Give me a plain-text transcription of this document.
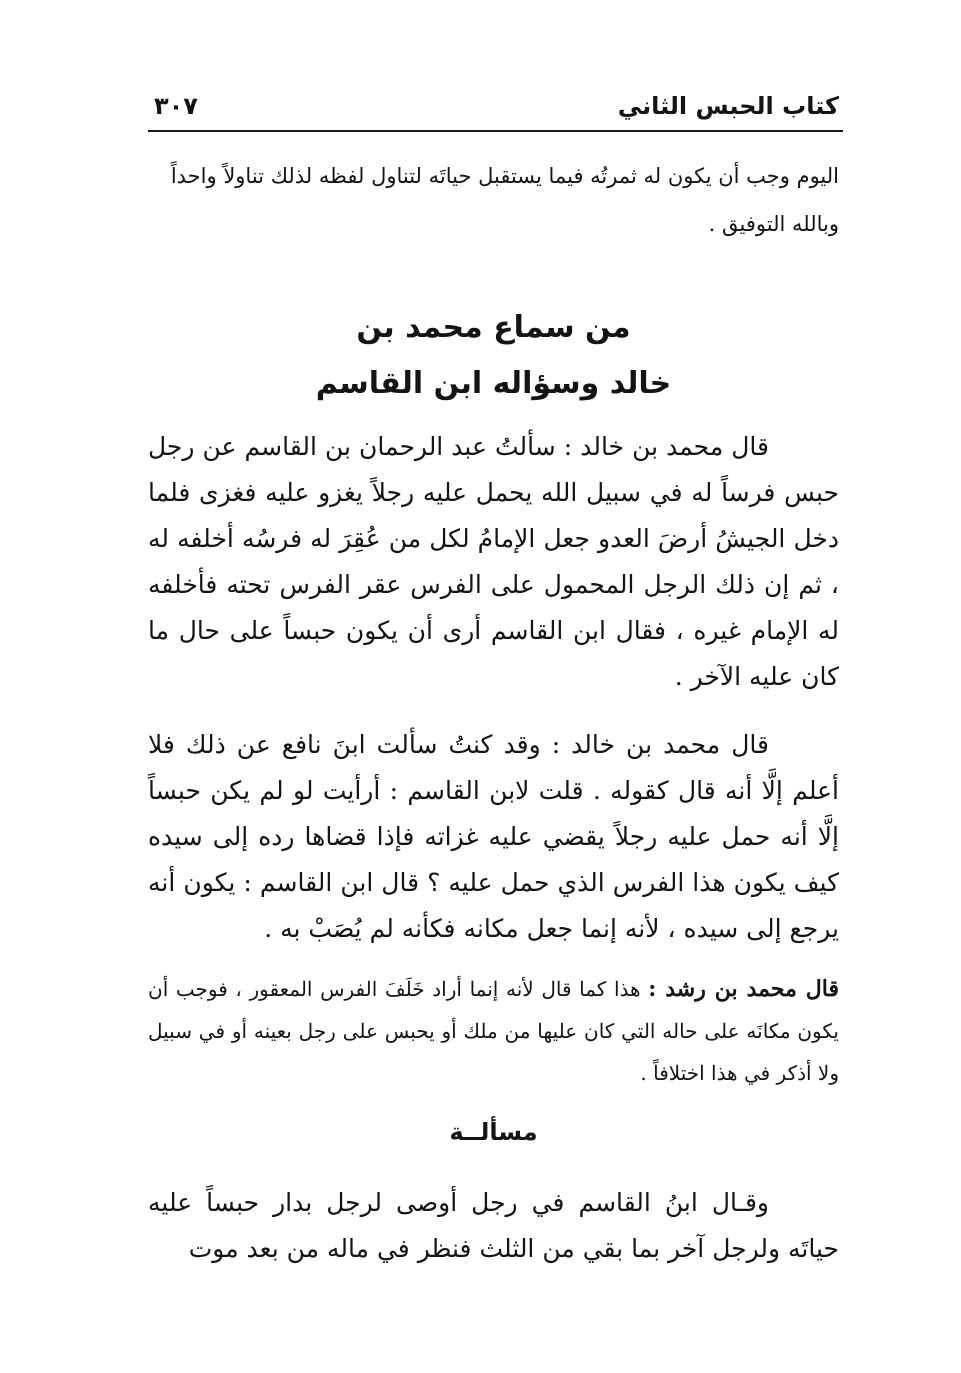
كتاب الحبس الثاني
٣٠٧
اليوم وجب أن يكون له ثمرتُه فيما يستقبل حياتَه لتناول لفظه لذلك تناولاً واحداً
وبالله التوفيق .
من سماع محمد بن
خالد وسؤاله ابن القاسم
قال محمد بن خالد : سألتُ عبد الرحمان بن القاسم عن رجل حبس فرساً له في سبيل الله يحمل عليه رجلاً يغزو عليه فغزى فلما دخل الجيشُ أرضَ العدو جعل الإمامُ لكل من عُقِرَ له فرسُه أخلفه له ، ثم إن ذلك الرجل المحمول على الفرس عقر الفرس تحته فأخلفه له الإمام غيره ، فقال ابن القاسم أرى أن يكون حبساً على حال ما كان عليه الآخر .
قال محمد بن خالد : وقد كنتُ سألت ابنَ نافع عن ذلك فلا أعلم إلَّا أنه قال كقوله . قلت لابن القاسم : أرأيت لو لم يكن حبساً إلَّا أنه حمل عليه رجلاً يقضي عليه غزاته فإذا قضاها رده إلى سيده كيف يكون هذا الفرس الذي حمل عليه ؟ قال ابن القاسم : يكون أنه يرجع إلى سيده ، لأنه إنما جعل مكانه فكأنه لم يُصَبْ به .
قال محمد بن رشد : هذا كما قال لأنه إنما أراد خَلَفَ الفرس المعقور ، فوجب أن يكون مكانَه على حاله التي كان عليها من ملك أو يحبس على رجل بعينه أو في سبيل ولا أذكر في هذا اختلافاً .
مسألــة
وقـال ابنُ القاسم في رجل أوصى لرجل بدار حبساً عليه حياتَه ولرجل آخر بما بقي من الثلث فنظر في ماله من بعد موت
